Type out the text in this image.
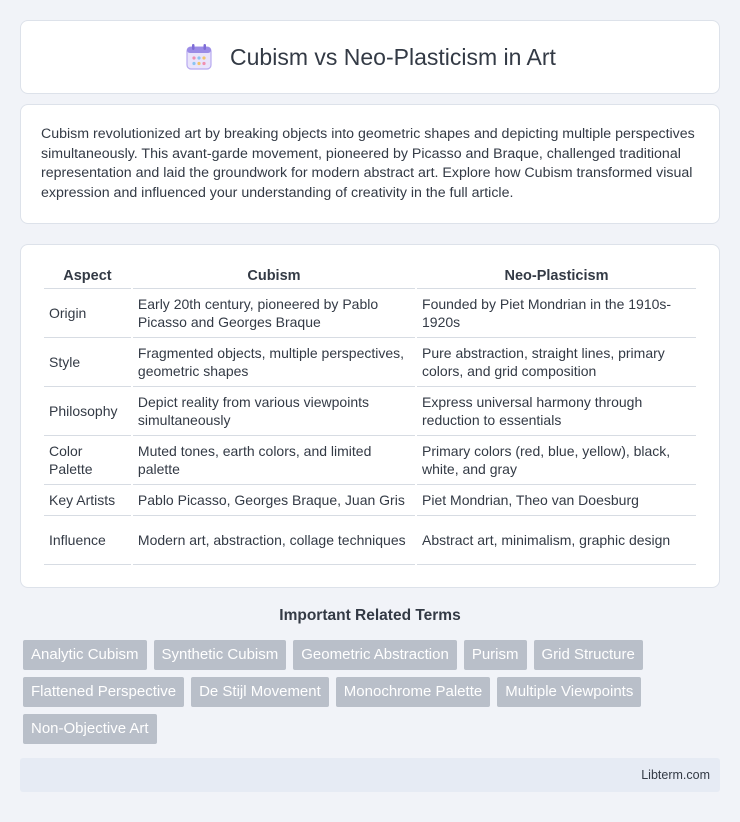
Cubism vs Neo-Plasticism in Art

Cubism revolutionized art by breaking objects into geometric shapes and depicting multiple perspectives simultaneously. This avant-garde movement, pioneered by Picasso and Braque, challenged traditional representation and laid the groundwork for modern abstract art. Explore how Cubism transformed visual expression and influenced your understanding of creativity in the full article.

Aspect	Cubism	Neo-Plasticism
Origin	Early 20th century, pioneered by Pablo Picasso and Georges Braque	Founded by Piet Mondrian in the 1910s-1920s
Style	Fragmented objects, multiple perspectives, geometric shapes	Pure abstraction, straight lines, primary colors, and grid composition
Philosophy	Depict reality from various viewpoints simultaneously	Express universal harmony through reduction to essentials
Color Palette	Muted tones, earth colors, and limited palette	Primary colors (red, blue, yellow), black, white, and gray
Key Artists	Pablo Picasso, Georges Braque, Juan Gris	Piet Mondrian, Theo van Doesburg
Influence	Modern art, abstraction, collage techniques	Abstract art, minimalism, graphic design
Important Related Terms
Analytic Cubism	Synthetic Cubism	Geometric Abstraction	Purism	Grid Structure
Flattened Perspective	De Stijl Movement	Monochrome Palette	Multiple Viewpoints
Non-Objective Art
Libterm.com
